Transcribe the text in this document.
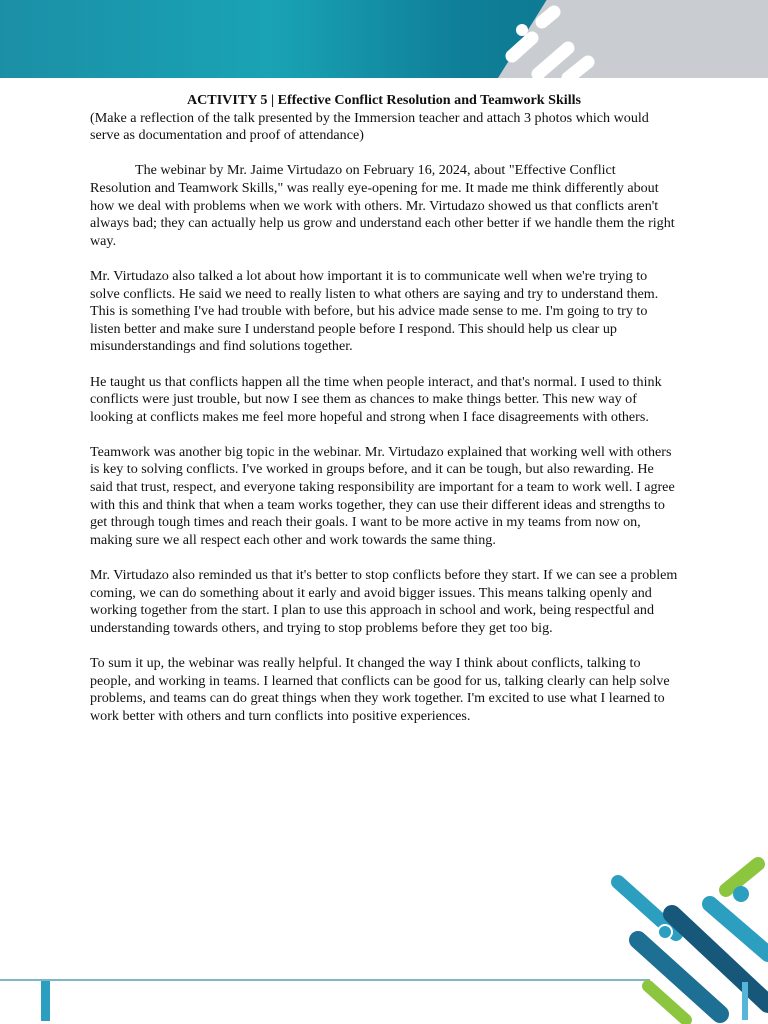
ACTIVITY 5 | Effective Conflict Resolution and Teamwork Skills

(Make a reflection of the talk presented by the Immersion teacher and attach 3 photos which would serve as documentation and proof of attendance)

The webinar by Mr. Jaime Virtudazo on February 16, 2024, about "Effective Conflict Resolution and Teamwork Skills," was really eye-opening for me. It made me think differently about how we deal with problems when we work with others. Mr. Virtudazo showed us that conflicts aren't always bad; they can actually help us grow and understand each other better if we handle them the right way.

Mr. Virtudazo also talked a lot about how important it is to communicate well when we're trying to solve conflicts. He said we need to really listen to what others are saying and try to understand them. This is something I've had trouble with before, but his advice made sense to me. I'm going to try to listen better and make sure I understand people before I respond. This should help us clear up misunderstandings and find solutions together.

He taught us that conflicts happen all the time when people interact, and that's normal. I used to think conflicts were just trouble, but now I see them as chances to make things better. This new way of looking at conflicts makes me feel more hopeful and strong when I face disagreements with others.

Teamwork was another big topic in the webinar. Mr. Virtudazo explained that working well with others is key to solving conflicts. I've worked in groups before, and it can be tough, but also rewarding. He said that trust, respect, and everyone taking responsibility are important for a team to work well. I agree with this and think that when a team works together, they can use their different ideas and strengths to get through tough times and reach their goals. I want to be more active in my teams from now on, making sure we all respect each other and work towards the same thing.

Mr. Virtudazo also reminded us that it's better to stop conflicts before they start. If we can see a problem coming, we can do something about it early and avoid bigger issues. This means talking openly and working together from the start. I plan to use this approach in school and work, being respectful and understanding towards others, and trying to stop problems before they get too big.

To sum it up, the webinar was really helpful. It changed the way I think about conflicts, talking to people, and working in teams. I learned that conflicts can be good for us, talking clearly can help solve problems, and teams can do great things when they work together. I'm excited to use what I learned to work better with others and turn conflicts into positive experiences.
